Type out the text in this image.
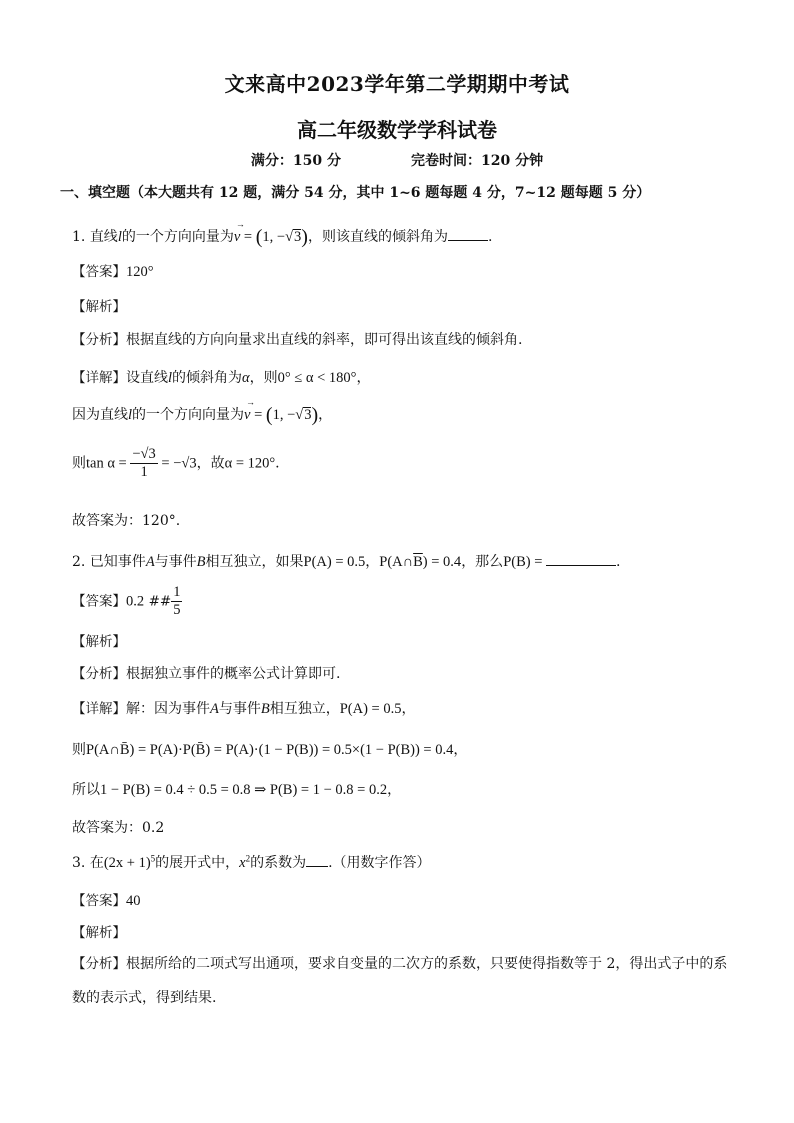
文来高中2023学年第二学期期中考试
高二年级数学学科试卷
满分：150 分	完卷时间：120 分钟
一、填空题（本大题共有 12 题，满分 54 分，其中 1~6 题每题 4 分，7~12 题每题 5 分）
1. 直线l的一个方向向量为
→
v = (1, −√3)，则该直线的倾斜角为	.
【答案】120°
【解析】
【分析】根据直线的方向向量求出直线的斜率，即可得出该直线的倾斜角.
【详解】设直线l的倾斜角为α，则0° ≤ α < 180°，
因为直线l的一个方向向量为
→
v = (1, −√3)，
则$\tan \alpha = \frac{-√3}{1} = -√3$，故α = 120°.
故答案为：120°.
2. 已知事件A与事件B相互独立，如果P(A) = 0.5，$P(A\cap\overline{B}) = 0.4$，那么P(B) =	.
【答案】0.2 ## $\frac{1}{5}$
【解析】
【分析】根据独立事件的概率公式计算即可.
【详解】解：因为事件A与事件B相互独立，P(A) = 0.5，
则P(A∩B̄) = P(A)·P(B̄) = P(A)·(1 − P(B)) = 0.5×(1 − P(B)) = 0.4，
所以1 − P(B) = 0.4 ÷ 0.5 = 0.8 ⇒ P(B) = 1 − 0.8 = 0.2，
故答案为：0.2
3. 在$(2x + 1)^5$的展开式中，$x^2$的系数为 .（用数字作答）
【答案】40
【解析】
【分析】根据所给的二项式写出通项，要求自变量的二次方的系数，只要使得指数等于 2，得出式子中的系
数的表示式，得到结果.
